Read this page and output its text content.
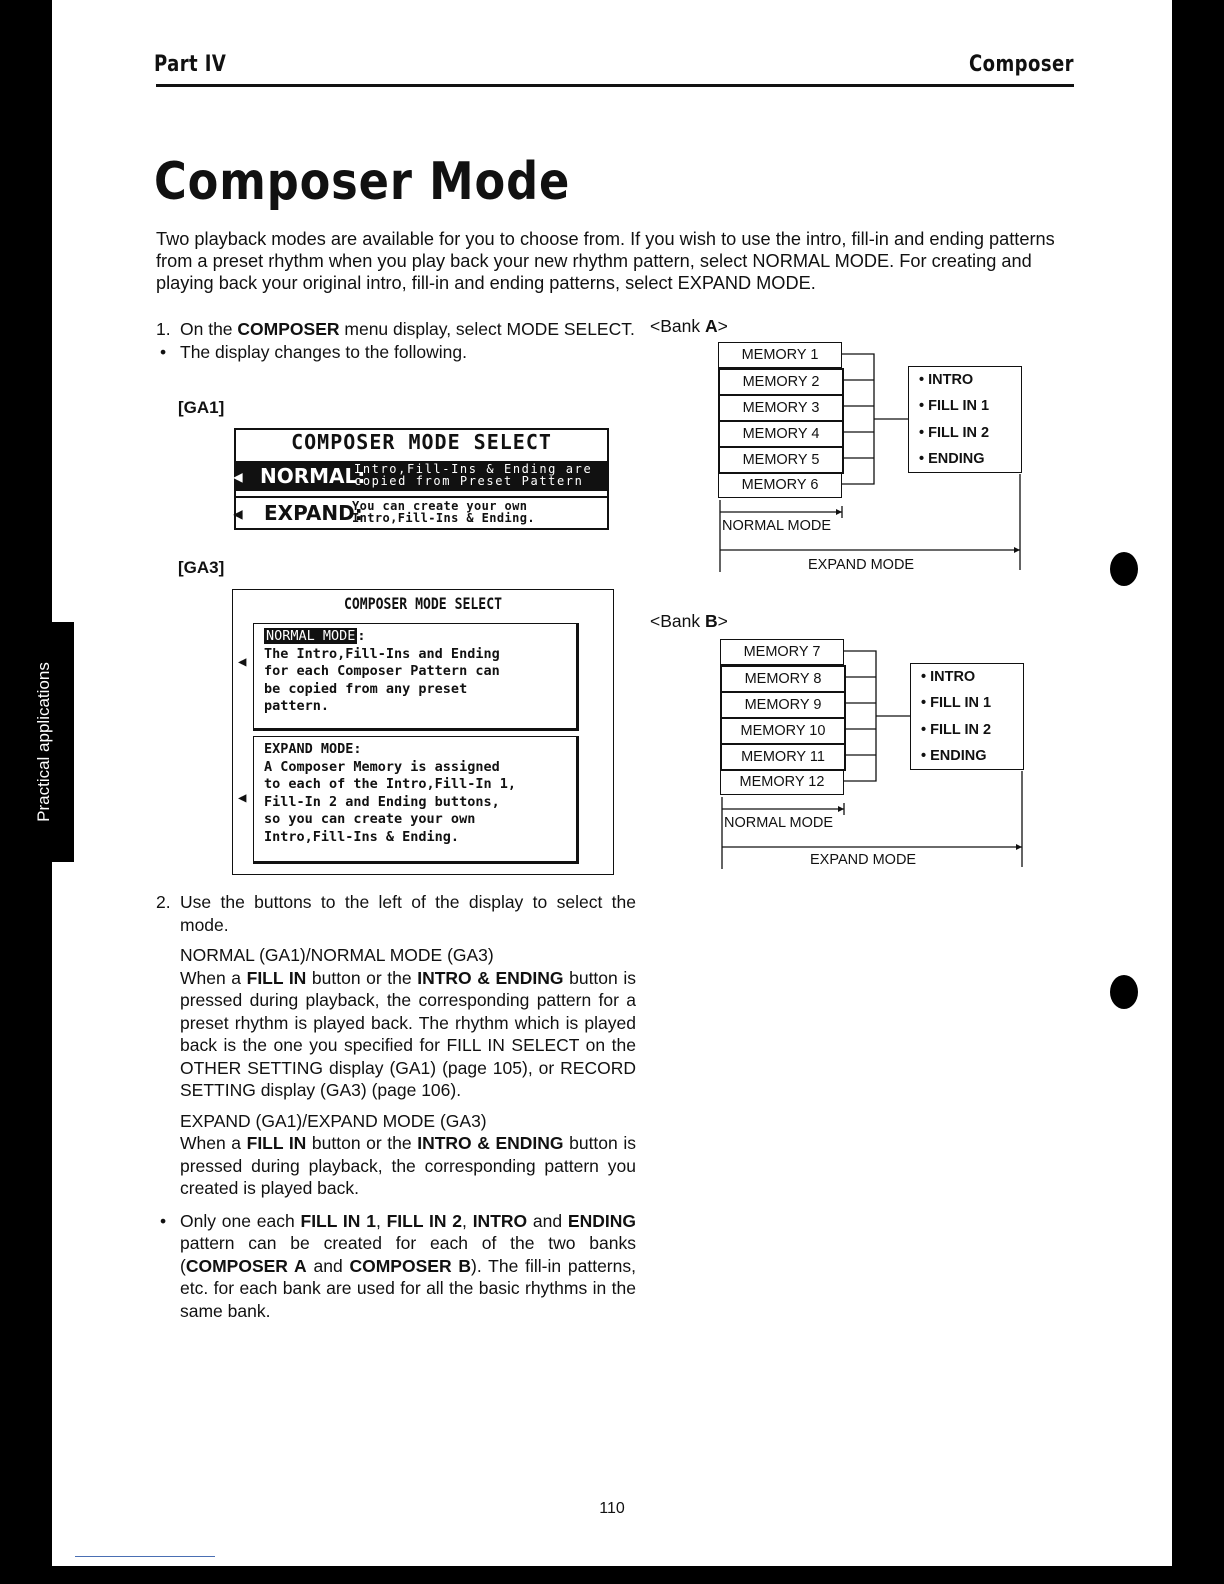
Part IV	Composer
Composer Mode

Two playback modes are available for you to choose from. If you wish to use the intro, fill-in and ending patterns from a preset rhythm when you play back your new rhythm pattern, select NORMAL MODE. For creating and playing back your original intro, fill-in and ending patterns, select EXPAND MODE.

1. On the COMPOSER menu display, select MODE SELECT.
• The display changes to the following.
[GA1]
COMPOSER MODE SELECT
◀ NORMAL:
Intro,Fill-Ins & Ending are
copied from Preset Pattern
◀ EXPAND:
You can create your own
Intro,Fill-Ins & Ending.
[GA3]
COMPOSER MODE SELECT
◀
NORMAL MODE :
The Intro,Fill-Ins and Ending
for each Composer Pattern can
be copied from any preset
pattern.
◀
EXPAND MODE:
A Composer Memory is assigned
to each of the Intro,Fill-In 1,
Fill-In 2 and Ending buttons,
so you can create your own
Intro,Fill-Ins & Ending.
2. Use the buttons to the left of the display to select the mode.
NORMAL (GA1)/NORMAL MODE (GA3)
When a FILL IN button or the INTRO & ENDING button is pressed during playback, the corresponding pattern for a preset rhythm is played back. The rhythm which is played back is the one you specified for FILL IN SELECT on the OTHER SETTING display (GA1) (page 105), or RECORD SETTING display (GA3) (page 106).
EXPAND (GA1)/EXPAND MODE (GA3)
When a FILL IN button or the INTRO & ENDING button is pressed during playback, the corresponding pattern you created is played back.
• Only one each FILL IN 1, FILL IN 2, INTRO and ENDING pattern can be created for each of the two banks (COMPOSER A and COMPOSER B). The fill-in patterns, etc. for each bank are used for all the basic rhythms in the same bank.
<Bank A>
MEMORY 1
MEMORY 2
MEMORY 3
MEMORY 4
MEMORY 5
MEMORY 6
• INTRO
• FILL IN 1
• FILL IN 2
• ENDING
NORMAL MODE
EXPAND MODE
<Bank B>
MEMORY 7
MEMORY 8
MEMORY 9
MEMORY 10
MEMORY 11
MEMORY 12
• INTRO
• FILL IN 1
• FILL IN 2
• ENDING
NORMAL MODE
EXPAND MODE
110
Practical applications
